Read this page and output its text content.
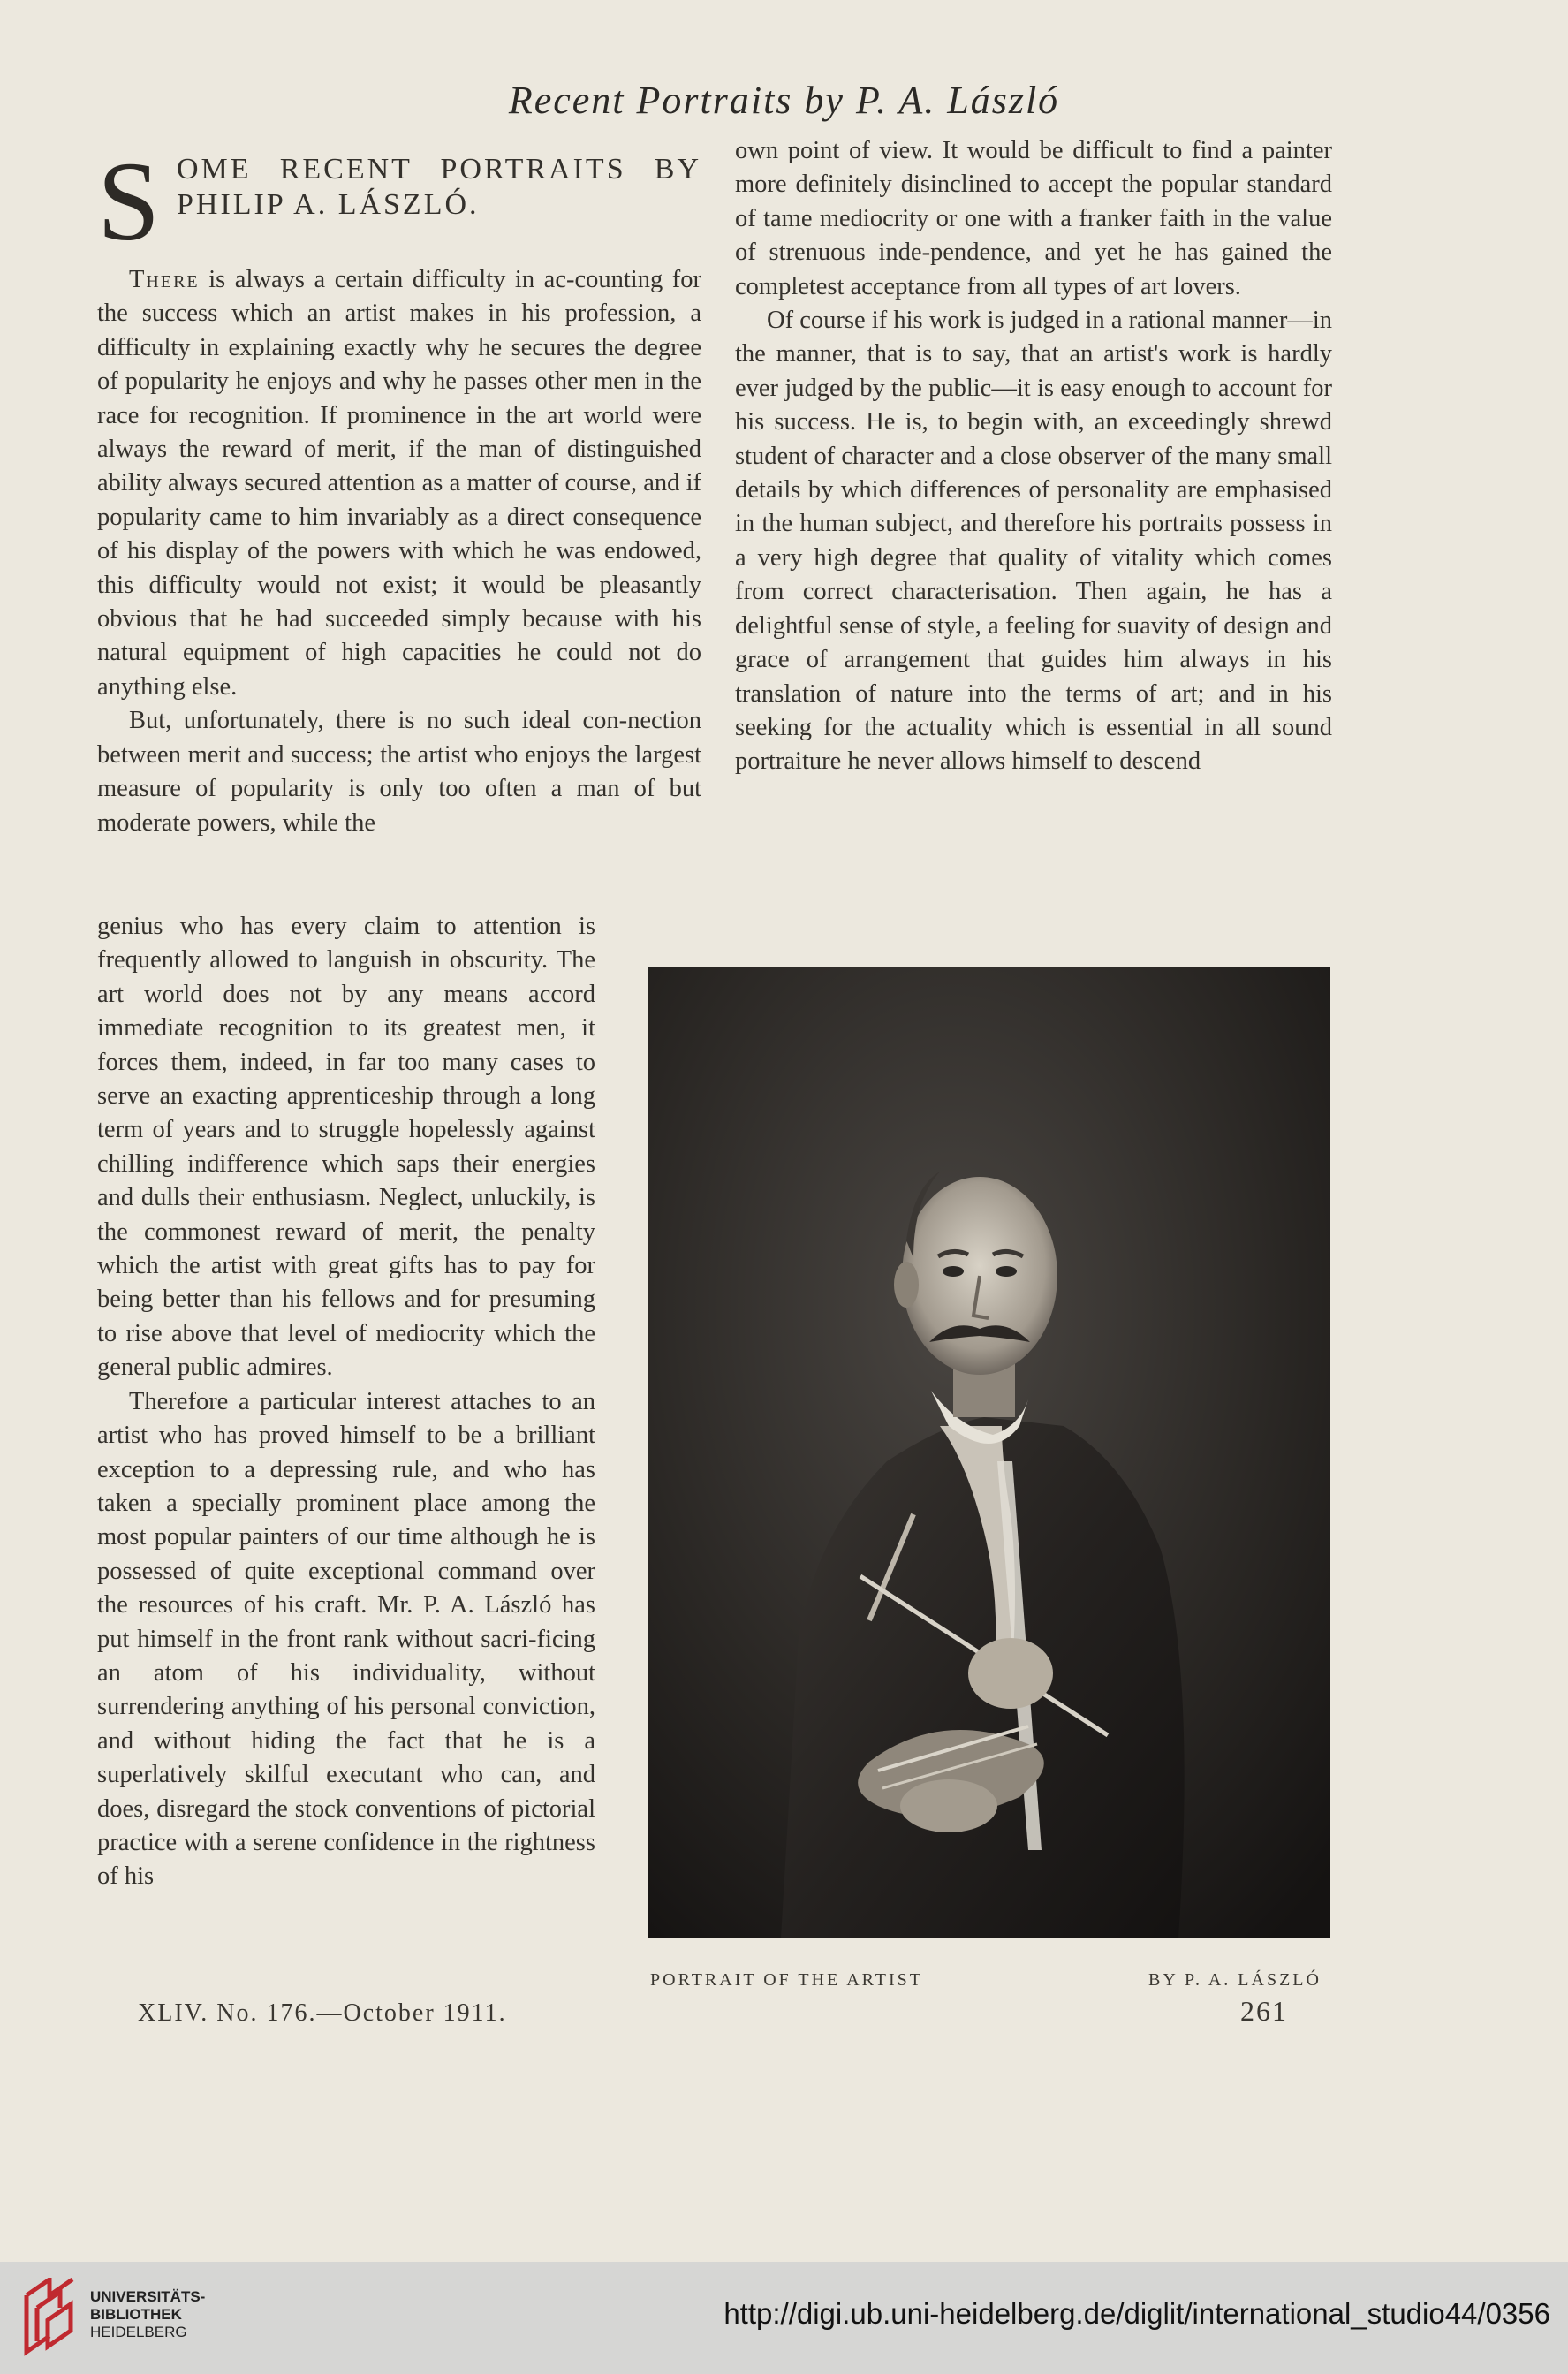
Recent Portraits by P. A. László
S OME RECENT PORTRAITS BY
PHILIP A. LÁSZLÓ.

There is always a certain difficulty in ac-counting for the success which an artist makes in his profession, a difficulty in explaining exactly why he secures the degree of popularity he enjoys and why he passes other men in the race for recognition. If prominence in the art world were always the reward of merit, if the man of distinguished ability always secured attention as a matter of course, and if popularity came to him invariably as a direct consequence of his display of the powers with which he was endowed, this difficulty would not exist; it would be pleasantly obvious that he had succeeded simply because with his natural equipment of high capacities he could not do anything else.

But, unfortunately, there is no such ideal con-nection between merit and success; the artist who enjoys the largest measure of popularity is only too often a man of but moderate powers, while the

genius who has every claim to attention is frequently allowed to languish in obscurity. The art world does not by any means accord immediate recognition to its greatest men, it forces them, indeed, in far too many cases to serve an exacting apprenticeship through a long term of years and to struggle hopelessly against chilling indifference which saps their energies and dulls their enthusiasm. Neglect, unluckily, is the commonest reward of merit, the penalty which the artist with great gifts has to pay for being better than his fellows and for presuming to rise above that level of mediocrity which the general public admires.

Therefore a particular interest attaches to an artist who has proved himself to be a brilliant exception to a depressing rule, and who has taken a specially prominent place among the most popular painters of our time although he is possessed of quite exceptional command over the resources of his craft. Mr. P. A. László has put himself in the front rank without sacri-ficing an atom of his individuality, without surrendering anything of his personal conviction, and without hiding the fact that he is a superlatively skilful executant who can, and does, disregard the stock conventions of pictorial practice with a serene confidence in the rightness of his

own point of view. It would be difficult to find a painter more definitely disinclined to accept the popular standard of tame mediocrity or one with a franker faith in the value of strenuous inde-pendence, and yet he has gained the completest acceptance from all types of art lovers.

Of course if his work is judged in a rational manner—in the manner, that is to say, that an artist's work is hardly ever judged by the public—it is easy enough to account for his success. He is, to begin with, an exceedingly shrewd student of character and a close observer of the many small details by which differences of personality are emphasised in the human subject, and therefore his portraits possess in a very high degree that quality of vitality which comes from correct characterisation. Then again, he has a delightful sense of style, a feeling for suavity of design and grace of arrangement that guides him always in his translation of nature into the terms of art; and in his seeking for the actuality which is essential in all sound portraiture he never allows himself to descend

PORTRAIT OF THE ARTIST	BY P. A. LÁSZLÓ
XLIV. No. 176.—October 1911.	261
UNIVERSITÄTS-
BIBLIOTHEK
HEIDELBERG
http://digi.ub.uni-heidelberg.de/diglit/international_studio44/0356
